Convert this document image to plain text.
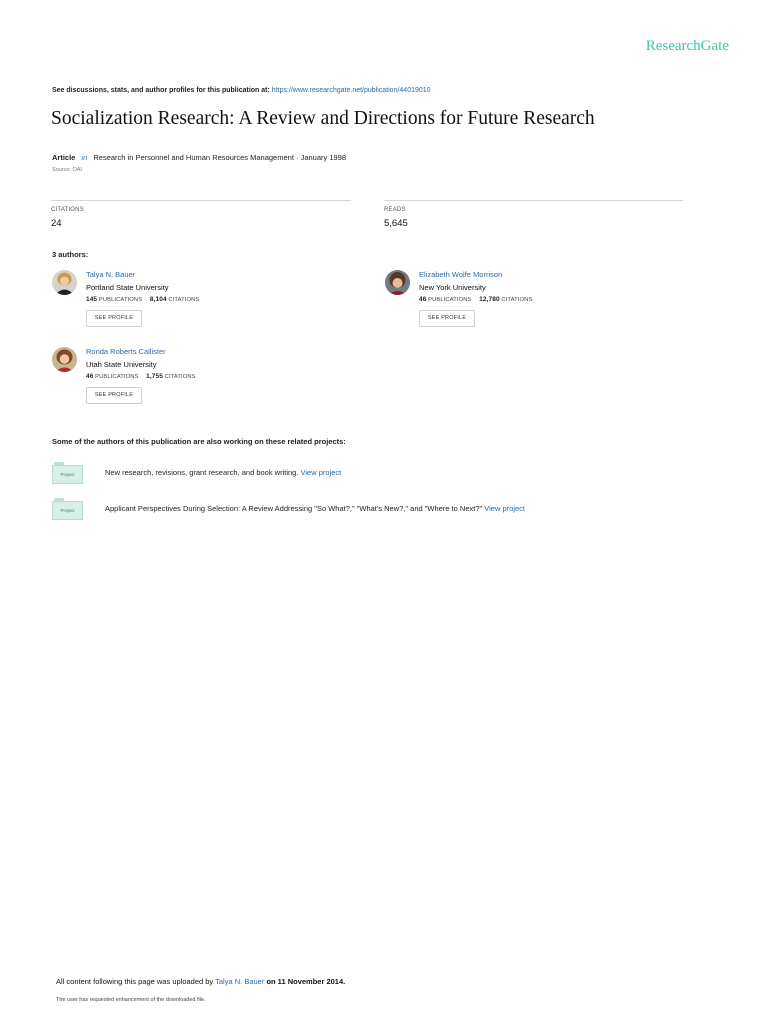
ResearchGate
See discussions, stats, and author profiles for this publication at: https://www.researchgate.net/publication/44019010
Socialization Research: A Review and Directions for Future Research
Article in Research in Personnel and Human Resources Management · January 1998
Source: OAI
CITATIONS
24
READS
5,645
3 authors:
Talya N. Bauer
Portland State University
145 PUBLICATIONS 8,104 CITATIONS
SEE PROFILE
Elizabeth Wolfe Morrison
New York University
46 PUBLICATIONS 12,780 CITATIONS
SEE PROFILE
Ronda Roberts Callister
Utah State University
46 PUBLICATIONS 1,755 CITATIONS
SEE PROFILE
Some of the authors of this publication are also working on these related projects:
Project	New research, revisions, grant research, and book writing. View project
Project	Applicant Perspectives During Selection: A Review Addressing "So What?," "What's New?," and "Where to Next?" View project
All content following this page was uploaded by Talya N. Bauer on 11 November 2014.
The user has requested enhancement of the downloaded file.
